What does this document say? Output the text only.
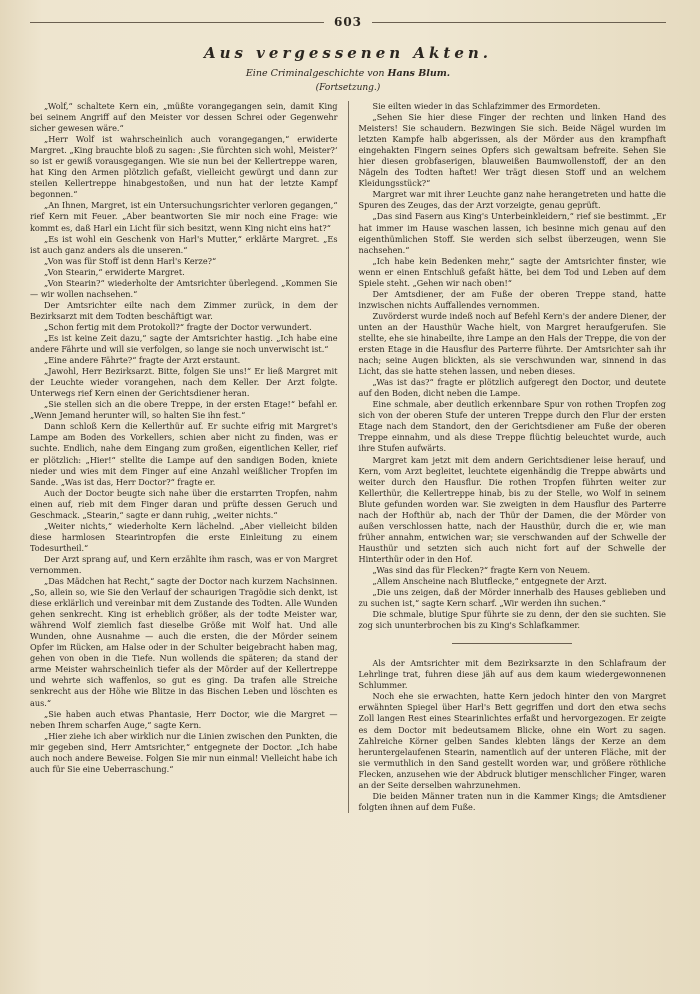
603
Aus vergessenen Akten.
Eine Criminalgeschichte von Hans Blum.
(Fortsetzung.)

„Wolf,“ schaltete Kern ein, „müßte vorangegangen sein, damit King bei seinem Angriff auf den Meister vor dessen Schrei oder Gegenwehr sicher gewesen wäre.“

„Herr Wolf ist wahrscheinlich auch vorangegangen,“ erwiderte Margret. „King brauchte bloß zu sagen: ‚Sie fürchten sich wohl, Meister?‘ so ist er gewiß vorausgegangen. Wie sie nun bei der Kellertreppe waren, hat King den Armen plötzlich gefaßt, vielleicht gewürgt und dann zur steilen Kellertreppe hinabgestoßen, und nun hat der letzte Kampf begonnen.“

„An Ihnen, Margret, ist ein Untersuchungsrichter verloren gegangen,“ rief Kern mit Feuer. „Aber beantworten Sie mir noch eine Frage: wie kommt es, daß Harl ein Licht für sich besitzt, wenn King nicht eins hat?“

„Es ist wohl ein Geschenk von Harl's Mutter,“ erklärte Margret. „Es ist auch ganz anders als die unseren.“

„Von was für Stoff ist denn Harl's Kerze?“

„Von Stearin,“ erwiderte Margret.

„Von Stearin?“ wiederholte der Amtsrichter überlegend. „Kommen Sie — wir wollen nachsehen.“

Der Amtsrichter eilte nach dem Zimmer zurück, in dem der Bezirksarzt mit dem Todten beschäftigt war.

„Schon fertig mit dem Protokoll?“ fragte der Doctor verwundert.

„Es ist keine Zeit dazu,“ sagte der Amtsrichter hastig. „Ich habe eine andere Fährte und will sie verfolgen, so lange sie noch unverwischt ist.“

„Eine andere Fährte?“ fragte der Arzt erstaunt.

„Jawohl, Herr Bezirksarzt. Bitte, folgen Sie uns!“ Er ließ Margret mit der Leuchte wieder vorangehen, nach dem Keller. Der Arzt folgte. Unterwegs rief Kern einen der Gerichtsdiener heran.

„Sie stellen sich an die obere Treppe, in der ersten Etage!“ befahl er. „Wenn Jemand herunter will, so halten Sie ihn fest.“

Dann schloß Kern die Kellerthür auf. Er suchte eifrig mit Margret's Lampe am Boden des Vorkellers, schien aber nicht zu finden, was er suchte. Endlich, nahe dem Eingang zum großen, eigentlichen Keller, rief er plötzlich: „Hier!“ stellte die Lampe auf den sandigen Boden, kniete nieder und wies mit dem Finger auf eine Anzahl weißlicher Tropfen im Sande. „Was ist das, Herr Doctor?“ fragte er.

Auch der Doctor beugte sich nahe über die erstarrten Tropfen, nahm einen auf, rieb mit dem Finger daran und prüfte dessen Geruch und Geschmack. „Stearin,“ sagte er dann ruhig, „weiter nichts.“

„Weiter nichts,“ wiederholte Kern lächelnd. „Aber vielleicht bilden diese harmlosen Stearintropfen die erste Einleitung zu einem Todesurtheil.“

Der Arzt sprang auf, und Kern erzählte ihm rasch, was er von Margret vernommen.

„Das Mädchen hat Recht,“ sagte der Doctor nach kurzem Nachsinnen. „So, allein so, wie Sie den Verlauf der schaurigen Tragödie sich denkt, ist diese erklärlich und vereinbar mit dem Zustande des Todten. Alle Wunden gehen senkrecht. King ist erheblich größer, als der todte Meister war, während Wolf ziemlich fast dieselbe Größe mit Wolf hat. Und alle Wunden, ohne Ausnahme — auch die ersten, die der Mörder seinem Opfer im Rücken, am Halse oder in der Schulter beigebracht haben mag, gehen von oben in die Tiefe. Nun wollends die späteren; da stand der arme Meister wahrscheinlich tiefer als der Mörder auf der Kellertreppe und wehrte sich waffenlos, so gut es ging. Da trafen alle Streiche senkrecht aus der Höhe wie Blitze in das Bischen Leben und löschten es aus.“

„Sie haben auch etwas Phantasie, Herr Doctor, wie die Margret — neben Ihrem scharfen Auge,“ sagte Kern.

„Hier ziehe ich aber wirklich nur die Linien zwischen den Punkten, die mir gegeben sind, Herr Amtsrichter,“ entgegnete der Doctor. „Ich habe auch noch andere Beweise. Folgen Sie mir nun einmal! Vielleicht habe ich auch für Sie eine Ueberraschung.“

Sie eilten wieder in das Schlafzimmer des Ermordeten.

„Sehen Sie hier diese Finger der rechten und linken Hand des Meisters! Sie schaudern. Bezwingen Sie sich. Beide Nägel wurden im letzten Kampfe halb abgerissen, als der Mörder aus den krampfhaft eingehakten Fingern seines Opfers sich gewaltsam befreite. Sehen Sie hier diesen grobfaserigen, blauweißen Baumwollenstoff, der an den Nägeln des Todten haftet! Wer trägt diesen Stoff und an welchem Kleidungsstück?“

Margret war mit ihrer Leuchte ganz nahe herangetreten und hatte die Spuren des Zeuges, das der Arzt vorzeigte, genau geprüft.

„Das sind Fasern aus King's Unterbeinkleidern,“ rief sie bestimmt. „Er hat immer im Hause waschen lassen, ich besinne mich genau auf den eigenthümlichen Stoff. Sie werden sich selbst überzeugen, wenn Sie nachsehen.“

„Ich habe kein Bedenken mehr,“ sagte der Amtsrichter finster, wie wenn er einen Entschluß gefaßt hätte, bei dem Tod und Leben auf dem Spiele steht. „Gehen wir nach oben!“

Der Amtsdiener, der am Fuße der oberen Treppe stand, hatte inzwischen nichts Auffallendes vernommen.

Zuvörderst wurde indeß noch auf Befehl Kern's der andere Diener, der unten an der Hausthür Wache hielt, von Margret heraufgerufen. Sie stellte, ehe sie hinabeilte, ihre Lampe an den Hals der Treppe, die von der ersten Etage in die Hausflur des Parterre führte. Der Amtsrichter sah ihr nach; seine Augen blickten, als sie verschwunden war, sinnend in das Licht, das sie hatte stehen lassen, und neben dieses.

„Was ist das?“ fragte er plötzlich aufgeregt den Doctor, und deutete auf den Boden, dicht neben die Lampe.

Eine schmale, aber deutlich erkennbare Spur von rothen Tropfen zog sich von der oberen Stufe der unteren Treppe durch den Flur der ersten Etage nach dem Standort, den der Gerichtsdiener am Fuße der oberen Treppe einnahm, und als diese Treppe flüchtig beleuchtet wurde, auch ihre Stufen aufwärts.

Margret kam jetzt mit dem andern Gerichtsdiener leise herauf, und Kern, vom Arzt begleitet, leuchtete eigenhändig die Treppe abwärts und weiter durch den Hausflur. Die rothen Tropfen führten weiter zur Kellerthür, die Kellertreppe hinab, bis zu der Stelle, wo Wolf in seinem Blute gefunden worden war. Sie zweigten in dem Hausflur des Parterre nach der Hofthür ab, nach der Thür der Damen, die der Mörder von außen verschlossen hatte, nach der Hausthür, durch die er, wie man früher annahm, entwichen war; sie verschwanden auf der Schwelle der Hausthür und setzten sich auch nicht fort auf der Schwelle der Hinterthür oder in den Hof.

„Was sind das für Flecken?“ fragte Kern von Neuem.

„Allem Anscheine nach Blutflecke,“ entgegnete der Arzt.

„Die uns zeigen, daß der Mörder innerhalb des Hauses geblieben und zu suchen ist,“ sagte Kern scharf. „Wir werden ihn suchen.“

Die schmale, blutige Spur führte sie zu denn, der den sie suchten. Sie zog sich ununterbrochen bis zu King's Schlafkammer.

Als der Amtsrichter mit dem Bezirksarzte in den Schlafraum der Lehrlinge trat, fuhren diese jäh auf aus dem kaum wiedergewonnenen Schlummer.

Noch ehe sie erwachten, hatte Kern jedoch hinter den von Margret erwähnten Spiegel über Harl's Bett gegriffen und dort den etwa sechs Zoll langen Rest eines Stearinlichtes erfaßt und hervorgezogen. Er zeigte es dem Doctor mit bedeutsamem Blicke, ohne ein Wort zu sagen. Zahlreiche Körner gelben Sandes klebten längs der Kerze an dem heruntergelaufenen Stearin, namentlich auf der unteren Fläche, mit der sie vermuthlich in den Sand gestellt worden war, und größere röthliche Flecken, anzusehen wie der Abdruck blutiger menschlicher Finger, waren an der Seite derselben wahrzunehmen.

Die beiden Männer traten nun in die Kammer Kings; die Amtsdiener folgten ihnen auf dem Fuße.
